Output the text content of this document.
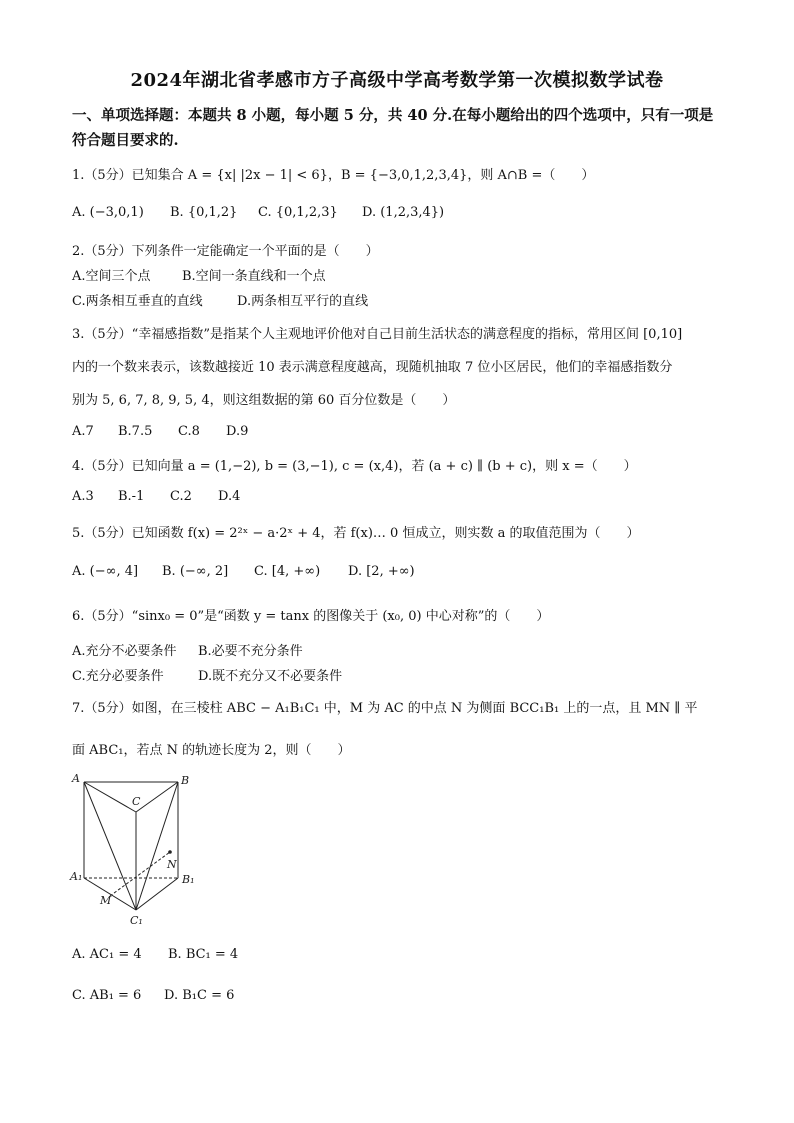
2024年湖北省孝感市方子高级中学高考数学第一次模拟数学试卷
一、单项选择题：本题共 8 小题，每小题 5 分，共 40 分.在每小题给出的四个选项中，只有一项是符合题目要求的.
1.（5分）已知集合 A = {x| |2x − 1| < 6}，B = {−3,0,1,2,3,4}，则 A∩B =（　　）
A. (−3,0,1) B. {0,1,2} C. {0,1,2,3} D. (1,2,3,4})
2.（5分）下列条件一定能确定一个平面的是（　　）
A.空间三个点 B.空间一条直线和一个点
C.两条相互垂直的直线	D.两条相互平行的直线
3.（5分）“幸福感指数”是指某个人主观地评价他对自己目前生活状态的满意程度的指标，常用区间 [0,10]
内的一个数来表示，该数越接近 10 表示满意程度越高，现随机抽取 7 位小区居民，他们的幸福感指数分
别为 5, 6, 7, 8, 9, 5, 4，则这组数据的第 60 百分位数是（　　）
A.7 B.7.5 C.8 D.9
4.（5分）已知向量 a = (1,−2), b = (3,−1), c = (x,4)，若 (a + c) ∥ (b + c)，则 x =（　　）
A.3 B.-1 C.2 D.4
5.（5分）已知函数 f(x) = 2²ˣ − a·2ˣ + 4，若 f(x)… 0 恒成立，则实数 a 的取值范围为（　　）
A. (−∞, 4] B. (−∞, 2] C. [4, +∞) D. [2, +∞)
6.（5分）“sinx₀ = 0”是“函数 y = tanx 的图像关于 (x₀, 0) 中心对称”的（　　）
A.充分不必要条件 B.必要不充分条件
C.充分必要条件	D.既不充分又不必要条件
7.（5分）如图，在三棱柱 ABC − A₁B₁C₁ 中，M 为 AC 的中点 N 为侧面 BCC₁B₁ 上的一点，且 MN ∥ 平
面 ABC₁，若点 N 的轨迹长度为 2，则（　　）
A	B
C
A₁	B₁
C₁
M
N
A. AC₁ = 4 B. BC₁ = 4
C. AB₁ = 6 D. B₁C = 6
